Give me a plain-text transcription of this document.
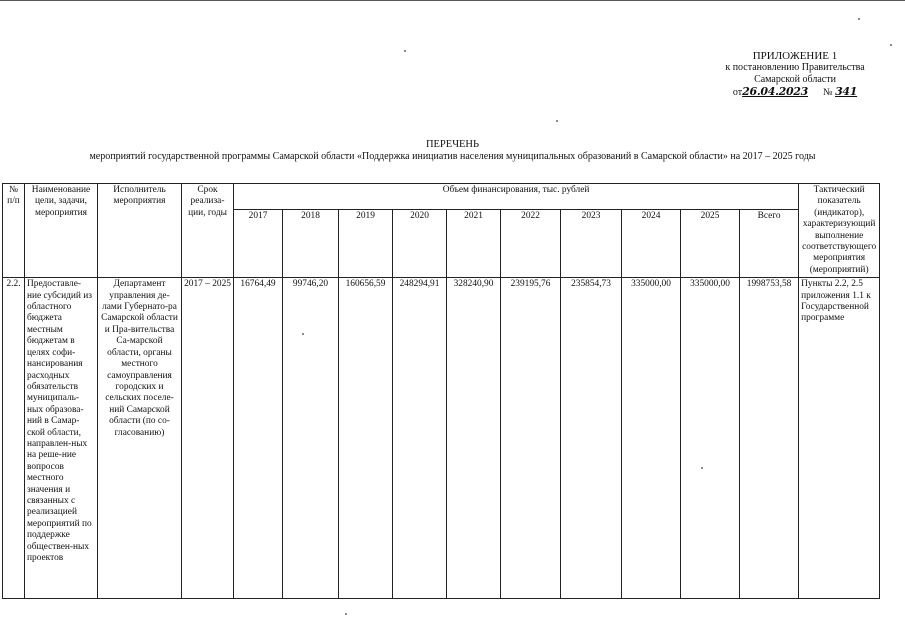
ПРИЛОЖЕНИЕ 1
к постановлению Правительства
Самарской области
от26.04.2023 № 341
ПЕРЕЧЕНЬ
мероприятий государственной программы Самарской области «Поддержка инициатив населения муниципальных образований в Самарской области» на 2017 – 2025 годы
№ п/п	Наименование цели, задачи, мероприятия	Исполнитель мероприятия	Срок реализа-ции, годы	Объем финансирования, тыс. рублей										Тактический показатель (индикатор), характеризующий выполнение соответствующего мероприятия (мероприятий)
				2017	2018	2019	2020	2021	2022	2023	2024	2025	Всего	
2.2.	Предоставле-ние субсидий из областного бюджета местным бюджетам в целях софи-нансирования расходных обязательств муниципаль-ных образова-ний в Самар-ской области, направлен-ных на реше-ние вопросов местного значения и связанных с реализацией мероприятий по поддержке обществен-ных проектов	Департамент управления де-лами Губернато-ра Самарской области и Пра-вительства Са-марской области, органы местного самоуправления городских и сельских поселе-ний Самарской области (по со-гласованию)	2017 – 2025	16764,49	99746,20	160656,59	248294,91	328240,90	239195,76	235854,73	335000,00	335000,00	1998753,58	Пункты 2.2, 2.5 приложения 1.1 к Государственной программе
